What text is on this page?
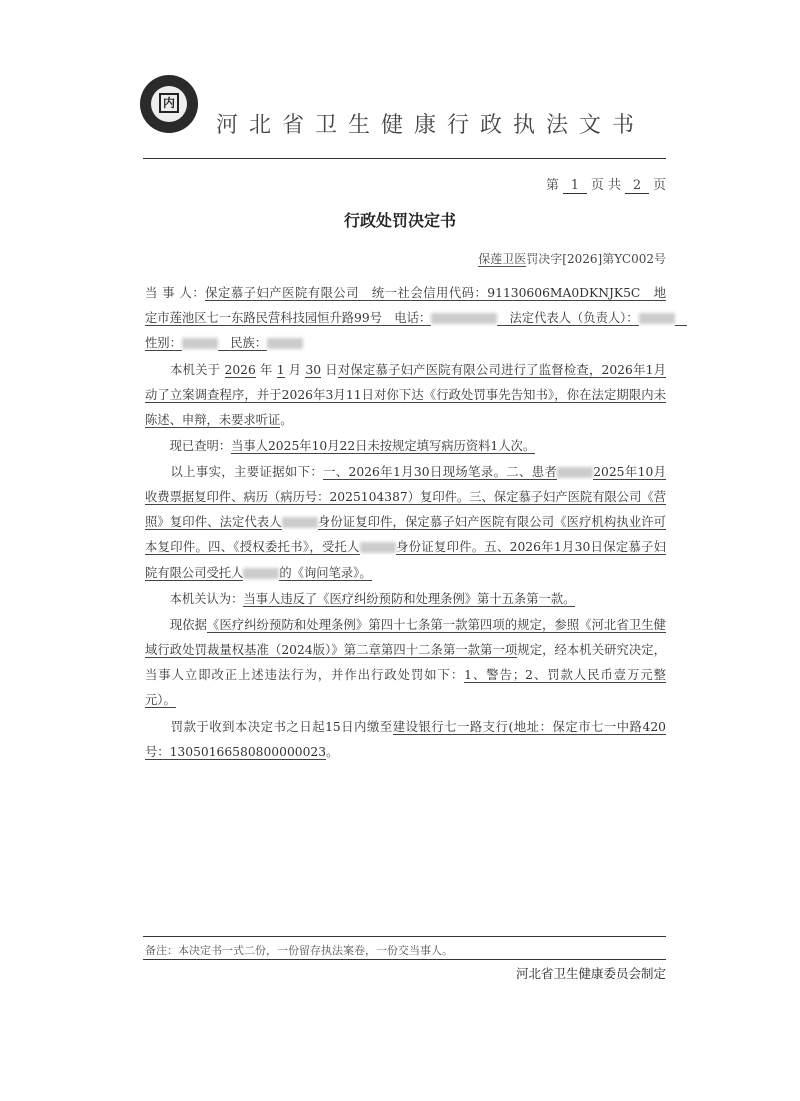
内
河北省卫生健康行政执法文书
第 1 页 共 2 页
行政处罚决定书
保莲卫医罚决字[2026]第YC002号
当 事 人：保定慕子妇产医院有限公司　统一社会信用代码：91130606MA0DKNJK5C　地
定市莲池区七一东路民营科技园恒升路99号　电话：	　法定代表人（负责人）：　
性别：	　民族：
　　本机关于 2026 年 1 月 30 日对保定慕子妇产医院有限公司进行了监督检查，2026年1月
动了立案调查程序，并于2026年3月11日对你下达《行政处罚事先告知书》，你在法定期限内未
陈述、申辩，未要求听证。
　　现已查明：当事人2025年10月22日未按规定填写病历资料1人次。
　　以上事实，主要证据如下：一、2026年1月30日现场笔录。二、患者	2025年10月
收费票据复印件、病历（病历号：2025104387）复印件。三、保定慕子妇产医院有限公司《营
照》复印件、法定代表人	身份证复印件，保定慕子妇产医院有限公司《医疗机构执业许可
本复印件。四、《授权委托书》，受托人	身份证复印件。五、2026年1月30日保定慕子妇
院有限公司受托人	的《询问笔录》。
　　本机关认为：当事人违反了《医疗纠纷预防和处理条例》第十五条第一款。
　　现依据《医疗纠纷预防和处理条例》第四十七条第一款第四项的规定，参照《河北省卫生健
域行政处罚裁量权基准（2024版）》第二章第四十二条第一款第一项规定，经本机关研究决定，
当事人立即改正上述违法行为，并作出行政处罚如下：1、警告；2、罚款人民币壹万元整
元）。
　　罚款于收到本决定书之日起15日内缴至建设银行七一路支行(地址：保定市七一中路420
号：13050166580800000023。
备注：本决定书一式二份，一份留存执法案卷，一份交当事人。
河北省卫生健康委员会制定
